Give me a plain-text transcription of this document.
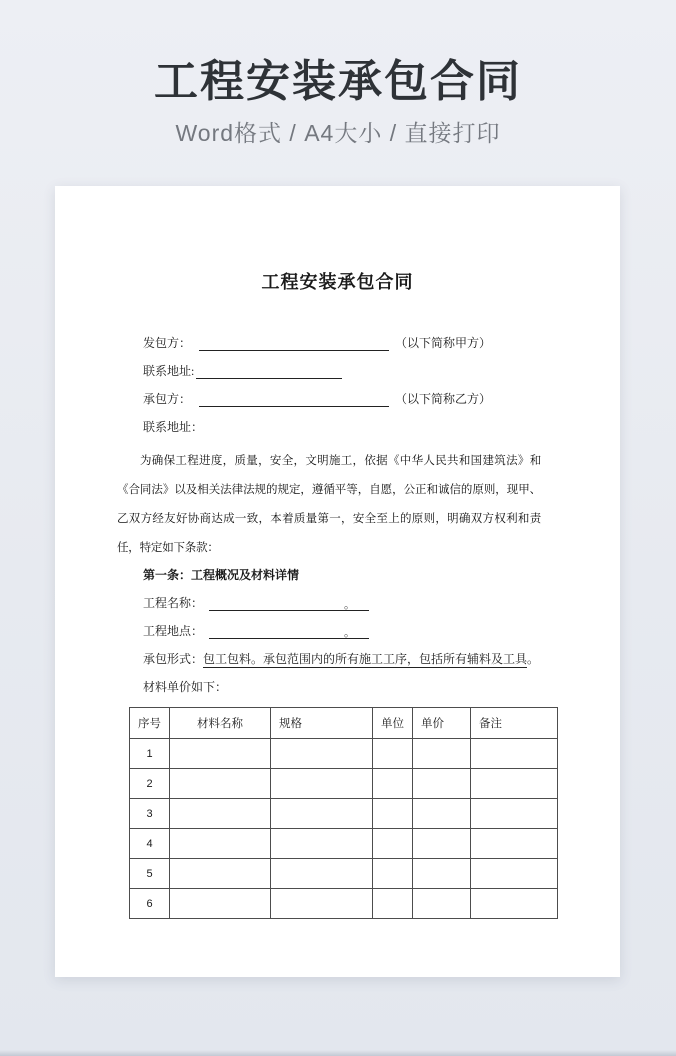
工程安装承包合同
Word格式 / A4大小 / 直接打印
工程安装承包合同
发包方：	（以下简称甲方）
联系地址:
承包方：	（以下简称乙方）
联系地址：

为确保工程进度，质量，安全，文明施工，依据《中华人民共和国建筑法》和《合同法》以及相关法律法规的规定，遵循平等，自愿，公正和诚信的原则，现甲、乙双方经友好协商达成一致，本着质量第一，安全至上的原则，明确双方权利和责任，特定如下条款：

第一条：工程概况及材料详情
工程名称：	。
工程地点：	。
承包形式：包工包料。承包范围内的所有施工工序，包括所有辅料及工具。
材料单价如下：
序号	材料名称	规格	单位	单价	备注
1					
2					
3					
4					
5					
6					
